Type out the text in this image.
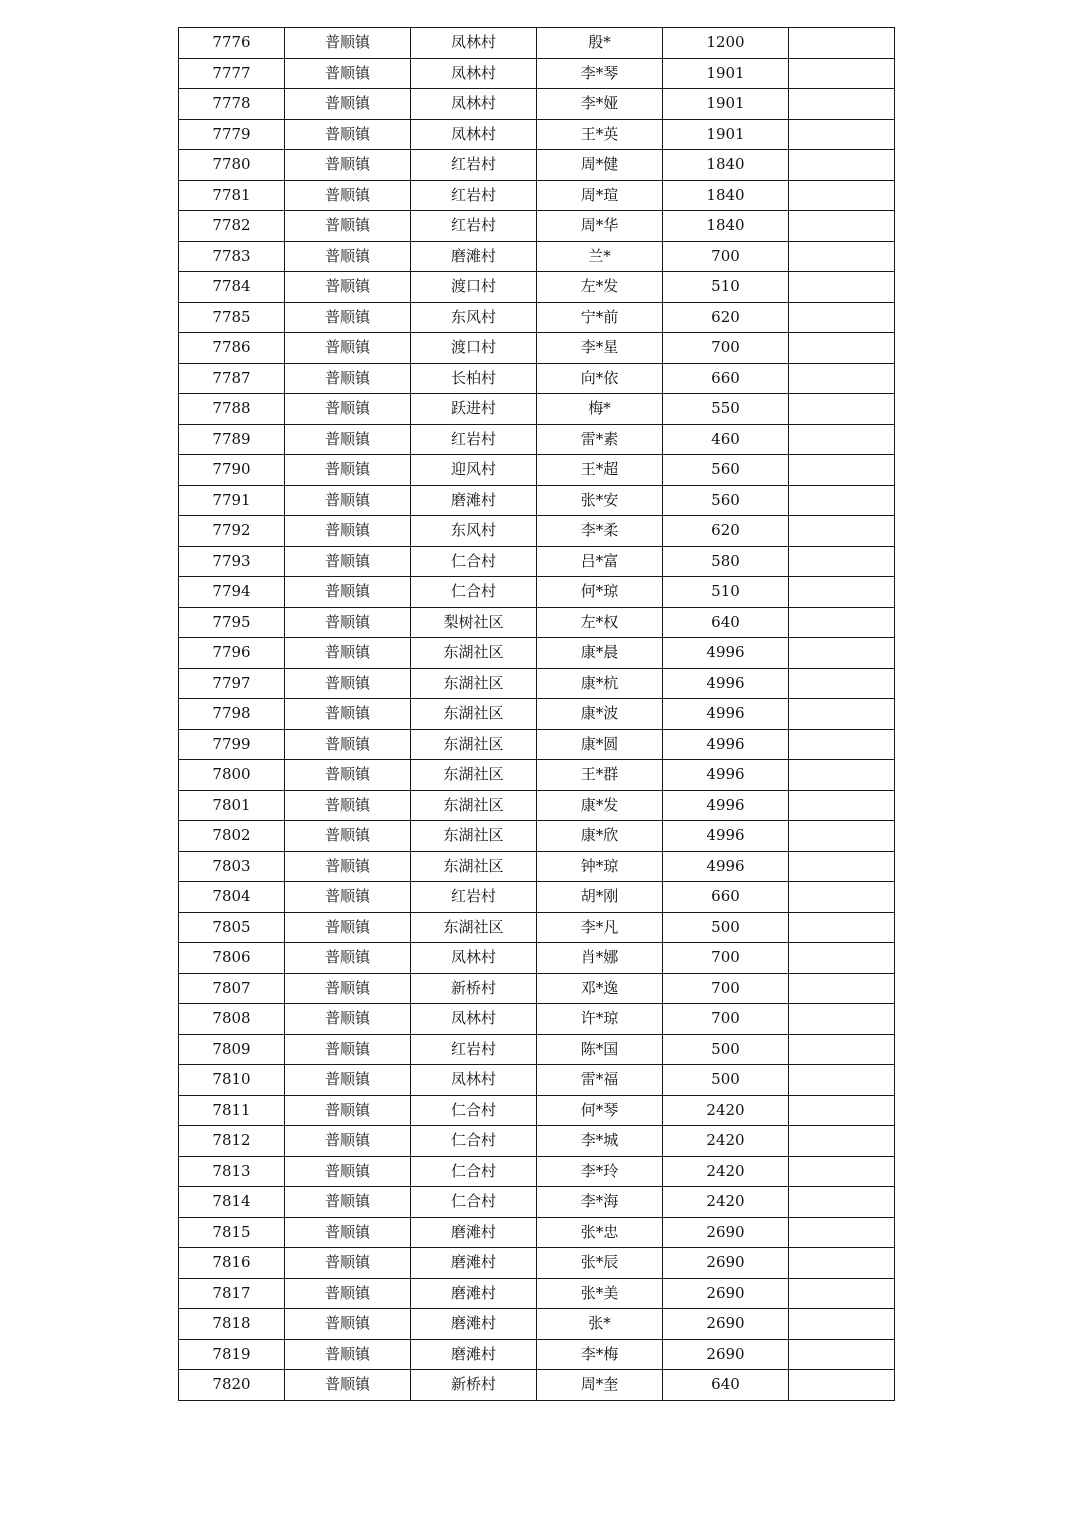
7776	普顺镇	凤林村	殷*	1200	
7777	普顺镇	凤林村	李*琴	1901	
7778	普顺镇	凤林村	李*娅	1901	
7779	普顺镇	凤林村	王*英	1901	
7780	普顺镇	红岩村	周*健	1840	
7781	普顺镇	红岩村	周*瑄	1840	
7782	普顺镇	红岩村	周*华	1840	
7783	普顺镇	磨滩村	兰*	700	
7784	普顺镇	渡口村	左*发	510	
7785	普顺镇	东风村	宁*前	620	
7786	普顺镇	渡口村	李*星	700	
7787	普顺镇	长柏村	向*依	660	
7788	普顺镇	跃进村	梅*	550	
7789	普顺镇	红岩村	雷*素	460	
7790	普顺镇	迎风村	王*超	560	
7791	普顺镇	磨滩村	张*安	560	
7792	普顺镇	东风村	李*柔	620	
7793	普顺镇	仁合村	吕*富	580	
7794	普顺镇	仁合村	何*琼	510	
7795	普顺镇	梨树社区	左*权	640	
7796	普顺镇	东湖社区	康*晨	4996	
7797	普顺镇	东湖社区	康*杭	4996	
7798	普顺镇	东湖社区	康*波	4996	
7799	普顺镇	东湖社区	康*圆	4996	
7800	普顺镇	东湖社区	王*群	4996	
7801	普顺镇	东湖社区	康*发	4996	
7802	普顺镇	东湖社区	康*欣	4996	
7803	普顺镇	东湖社区	钟*琼	4996	
7804	普顺镇	红岩村	胡*刚	660	
7805	普顺镇	东湖社区	李*凡	500	
7806	普顺镇	凤林村	肖*娜	700	
7807	普顺镇	新桥村	邓*逸	700	
7808	普顺镇	凤林村	许*琼	700	
7809	普顺镇	红岩村	陈*国	500	
7810	普顺镇	凤林村	雷*福	500	
7811	普顺镇	仁合村	何*琴	2420	
7812	普顺镇	仁合村	李*城	2420	
7813	普顺镇	仁合村	李*玲	2420	
7814	普顺镇	仁合村	李*海	2420	
7815	普顺镇	磨滩村	张*忠	2690	
7816	普顺镇	磨滩村	张*辰	2690	
7817	普顺镇	磨滩村	张*美	2690	
7818	普顺镇	磨滩村	张*	2690	
7819	普顺镇	磨滩村	李*梅	2690	
7820	普顺镇	新桥村	周*奎	640	
